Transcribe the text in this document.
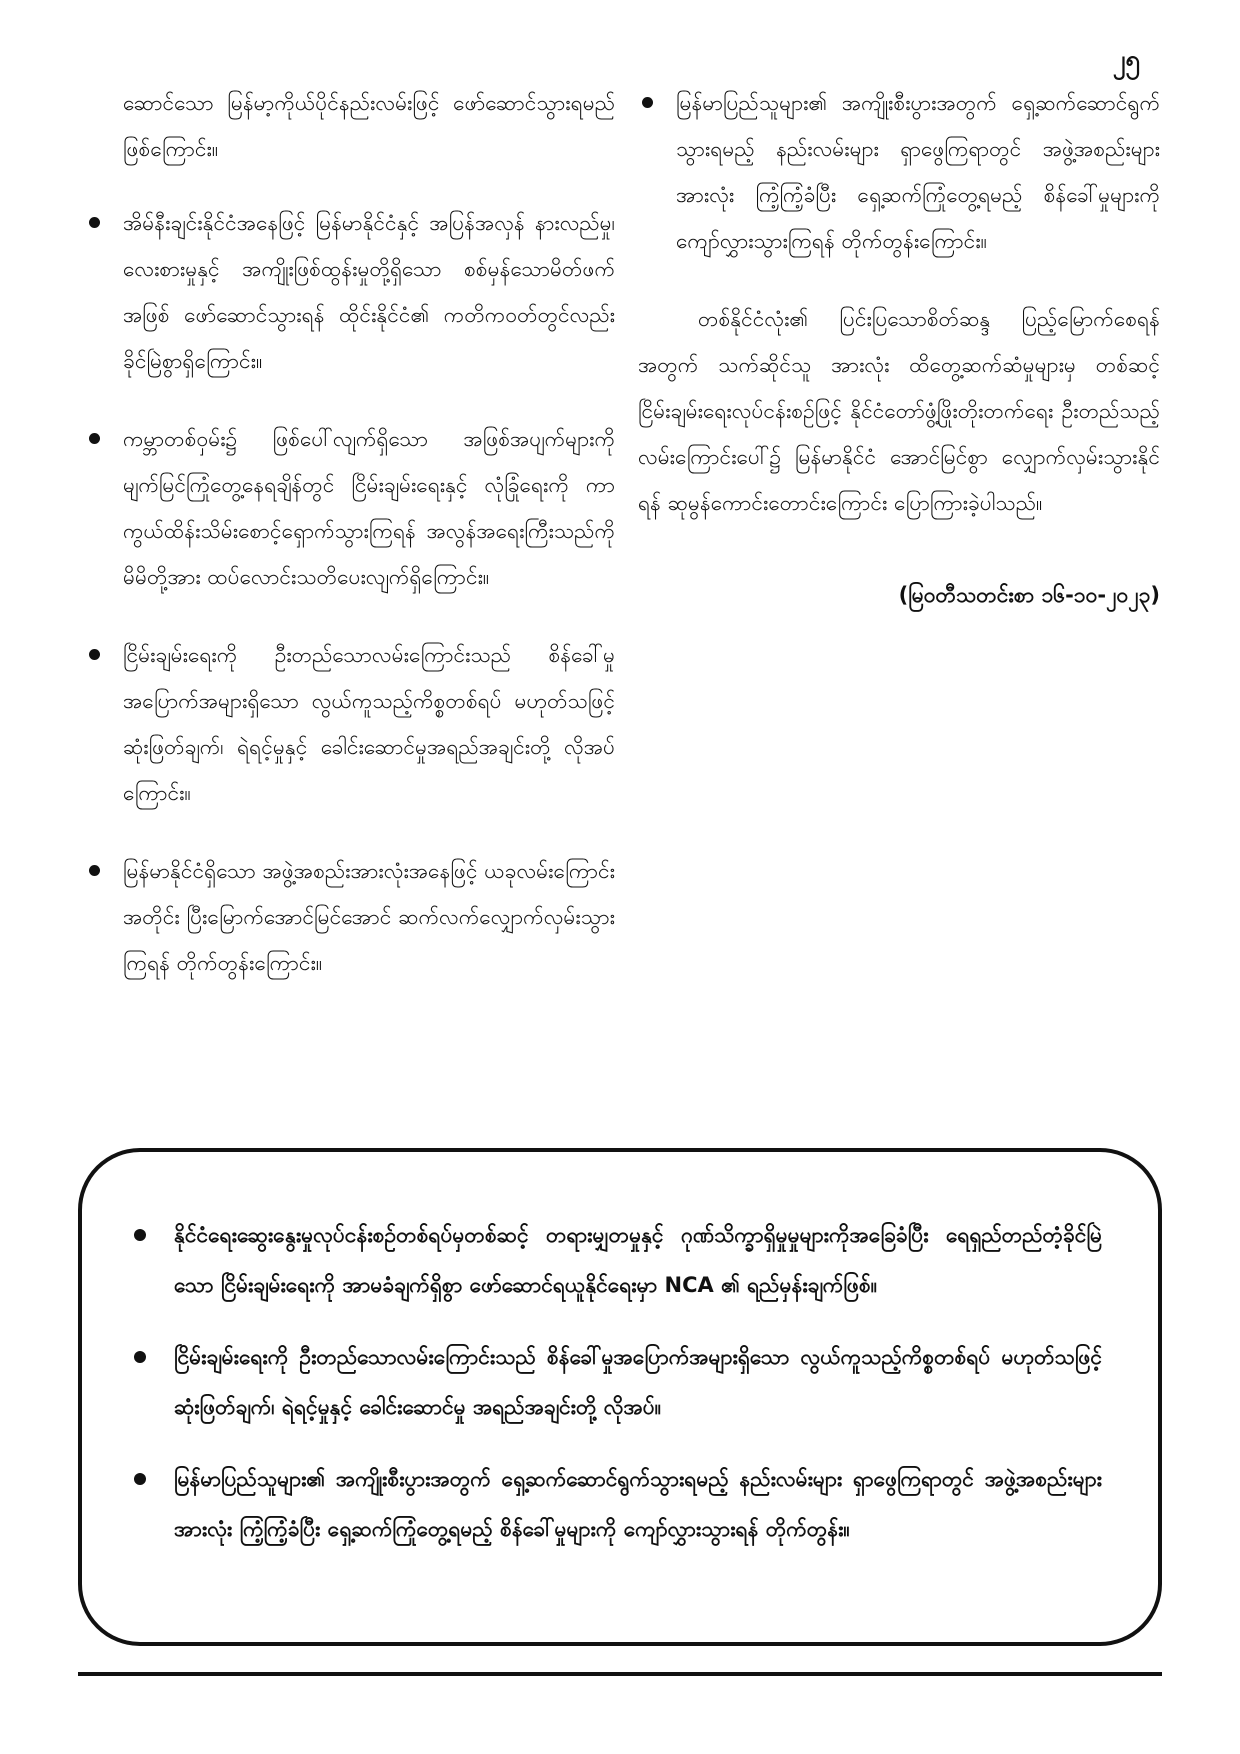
၂၅

ဆောင်သော မြန်မာ့ကိုယ်ပိုင်နည်းလမ်းဖြင့် ဖော်ဆောင်သွားရမည်ဖြစ်ကြောင်း။

အိမ်နီးချင်းနိုင်ငံအနေဖြင့် မြန်မာနိုင်ငံနှင့် အပြန်အလှန် နားလည်မှု၊ လေးစားမှုနှင့် အကျိုးဖြစ်ထွန်းမှုတို့ရှိသော စစ်မှန်သောမိတ်ဖက်အဖြစ် ဖော်ဆောင်သွားရန် ထိုင်းနိုင်ငံ၏ ကတိကဝတ်တွင်လည်း ခိုင်မြဲစွာရှိကြောင်း။

ကမ္ဘာတစ်ဝှမ်း၌ ဖြစ်ပေါ်လျက်ရှိသော အဖြစ်အပျက်များကို မျက်မြင်ကြုံတွေ့နေရချိန်တွင် ငြိမ်းချမ်းရေးနှင့် လုံခြုံရေးကို ကာကွယ်ထိန်းသိမ်းစောင့်ရှောက်သွားကြရန် အလွန်အရေးကြီးသည်ကို မိမိတို့အား ထပ်လောင်းသတိပေးလျက်ရှိကြောင်း။

ငြိမ်းချမ်းရေးကို ဦးတည်သောလမ်းကြောင်းသည် စိန်ခေါ်မှုအပြောက်အများရှိသော လွယ်ကူသည့်ကိစ္စတစ်ရပ် မဟုတ်သဖြင့် ဆုံးဖြတ်ချက်၊ ရဲရင့်မှုနှင့် ခေါင်းဆောင်မှုအရည်အချင်းတို့ လိုအပ်ကြောင်း။

မြန်မာနိုင်ငံရှိသော အဖွဲ့အစည်းအားလုံးအနေဖြင့် ယခုလမ်းကြောင်းအတိုင်း ပြီးမြောက်အောင်မြင်အောင် ဆက်လက်လျှောက်လှမ်းသွားကြရန် တိုက်တွန်းကြောင်း။

မြန်မာပြည်သူများ၏ အကျိုးစီးပွားအတွက် ရှေ့ဆက်ဆောင်ရွက်သွားရမည့် နည်းလမ်းများ ရှာဖွေကြရာတွင် အဖွဲ့အစည်းများအားလုံး ကြံ့ကြံ့ခံပြီး ရှေ့ဆက်ကြုံတွေ့ရမည့် စိန်ခေါ်မှုများကို ကျော်လွှားသွားကြရန် တိုက်တွန်းကြောင်း။

တစ်နိုင်ငံလုံး၏ ပြင်းပြသောစိတ်ဆန္ဒ ပြည့်မြောက်စေရန်အတွက် သက်ဆိုင်သူ အားလုံး ထိတွေ့ဆက်ဆံမှုများမှ တစ်ဆင့် ငြိမ်းချမ်းရေးလုပ်ငန်းစဉ်ဖြင့် နိုင်ငံတော်ဖွံ့ဖြိုးတိုးတက်ရေး ဦးတည်သည့်လမ်းကြောင်းပေါ်၌ မြန်မာနိုင်ငံ အောင်မြင်စွာ လျှောက်လှမ်းသွားနိုင်ရန် ဆုမွန်ကောင်းတောင်းကြောင်း ပြောကြားခဲ့ပါသည်။

(မြဝတီသတင်းစာ ၁၆-၁၀-၂၀၂၃)

နိုင်ငံရေးဆွေးနွေးမှုလုပ်ငန်းစဉ်တစ်ရပ်မှတစ်ဆင့် တရားမျှတမှုနှင့် ဂုဏ်သိက္ခာရှိမှုမှုများကိုအခြေခံပြီး ရေရှည်တည်တံ့ခိုင်မြဲသော ငြိမ်းချမ်းရေးကို အာမခံချက်ရှိစွာ ဖော်ဆောင်ရယူနိုင်ရေးမှာ NCA ၏ ရည်မှန်းချက်ဖြစ်။

ငြိမ်းချမ်းရေးကို ဦးတည်သောလမ်းကြောင်းသည် စိန်ခေါ်မှုအပြောက်အများရှိသော လွယ်ကူသည့်ကိစ္စတစ်ရပ် မဟုတ်သဖြင့် ဆုံးဖြတ်ချက်၊ ရဲရင့်မှုနှင့် ခေါင်းဆောင်မှု အရည်အချင်းတို့ လိုအပ်။

မြန်မာပြည်သူများ၏ အကျိုးစီးပွားအတွက် ရှေ့ဆက်ဆောင်ရွက်သွားရမည့် နည်းလမ်းများ ရှာဖွေကြရာတွင် အဖွဲ့အစည်းများအားလုံး ကြံ့ကြံ့ခံပြီး ရှေ့ဆက်ကြုံတွေ့ရမည့် စိန်ခေါ်မှုများကို ကျော်လွှားသွားရန် တိုက်တွန်း။
